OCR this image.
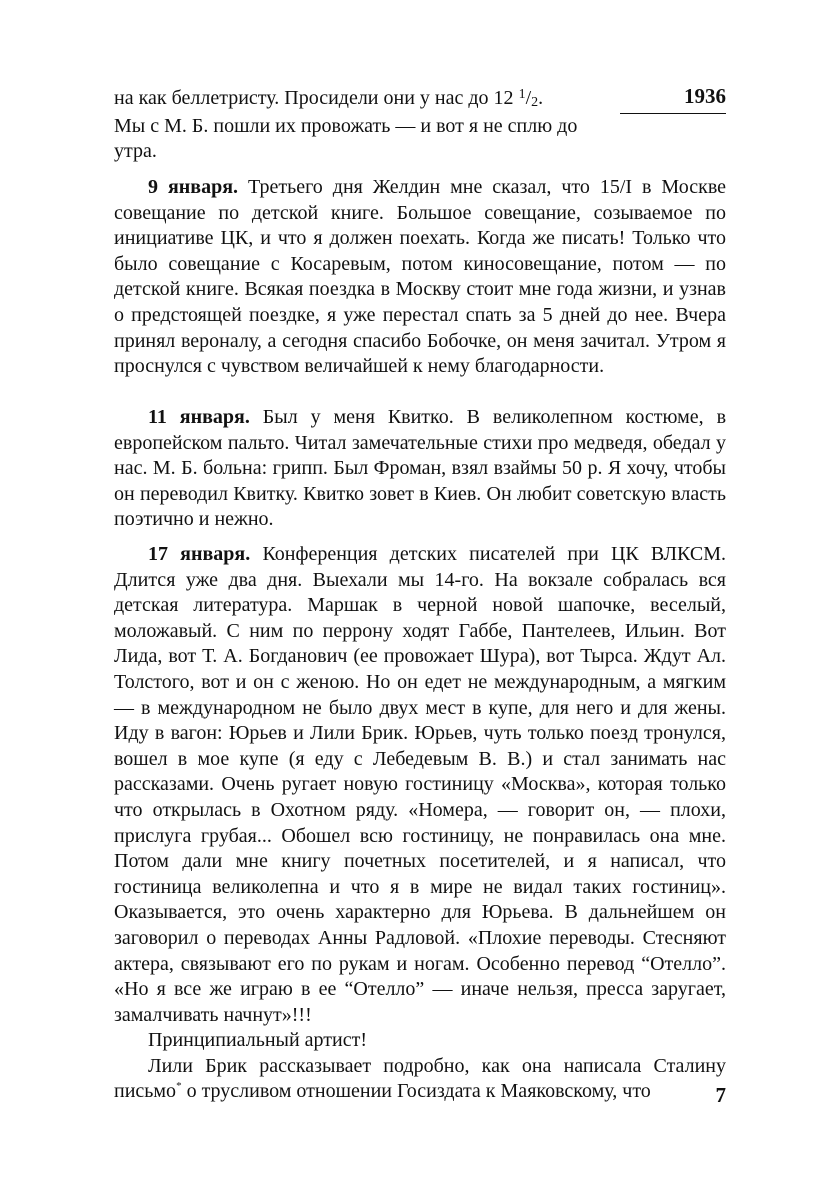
1936

на как беллетристу. Просидели они у нас до 12 $^1$/2.

Мы с М. Б. пошли их провожать — и вот я не сплю до утра.

9 января. Третьего дня Желдин мне сказал, что 15/I в Москве совещание по детской книге. Большое совещание, созываемое по инициативе ЦК, и что я должен поехать. Когда же писать! Только что было совещание с Косаревым, потом киносовещание, потом — по детской книге. Всякая поездка в Москву стоит мне года жизни, и узнав о предстоящей поездке, я уже перестал спать за 5 дней до нее. Вчера принял вероналу, а сегодня спасибо Бобочке, он меня зачитал. Утром я проснулся с чувством величайшей к нему благодарности.

11 января. Был у меня Квитко. В великолепном костюме, в европейском пальто. Читал замечательные стихи про медведя, обедал у нас. М. Б. больна: грипп. Был Фроман, взял взаймы 50 р. Я хочу, чтобы он переводил Квитку. Квитко зовет в Киев. Он любит советскую власть поэтично и нежно.

17 января. Конференция детских писателей при ЦК ВЛКСМ. Длится уже два дня. Выехали мы 14-го. На вокзале собралась вся детская литература. Маршак в черной новой шапочке, веселый, моложавый. С ним по перрону ходят Габбе, Пантелеев, Ильин. Вот Лида, вот Т. А. Богданович (ее провожает Шура), вот Тырса. Ждут Ал. Толстого, вот и он с женою. Но он едет не международным, а мягким — в международном не было двух мест в купе, для него и для жены. Иду в вагон: Юрьев и Лили Брик. Юрьев, чуть только поезд тронулся, вошел в мое купе (я еду с Лебедевым В. В.) и стал занимать нас рассказами. Очень ругает новую гостиницу «Москва», которая только что открылась в Охотном ряду. «Номера, — говорит он, — плохи, прислуга грубая... Обошел всю гостиницу, не понравилась она мне. Потом дали мне книгу почетных посетителей, и я написал, что гостиница великолепна и что я в мире не видал таких гостиниц». Оказывается, это очень характерно для Юрьева. В дальнейшем он заговорил о переводах Анны Радловой. «Плохие переводы. Стесняют актера, связывают его по рукам и ногам. Особенно перевод “Отелло”. «Но я все же играю в ее “Отелло” — иначе нельзя, пресса заругает, замалчивать начнут»!!!

Принципиальный артист!

Лили Брик рассказывает подробно, как она написала Сталину письмо* о трусливом отношении Госиздата к Маяковскому, что	7
